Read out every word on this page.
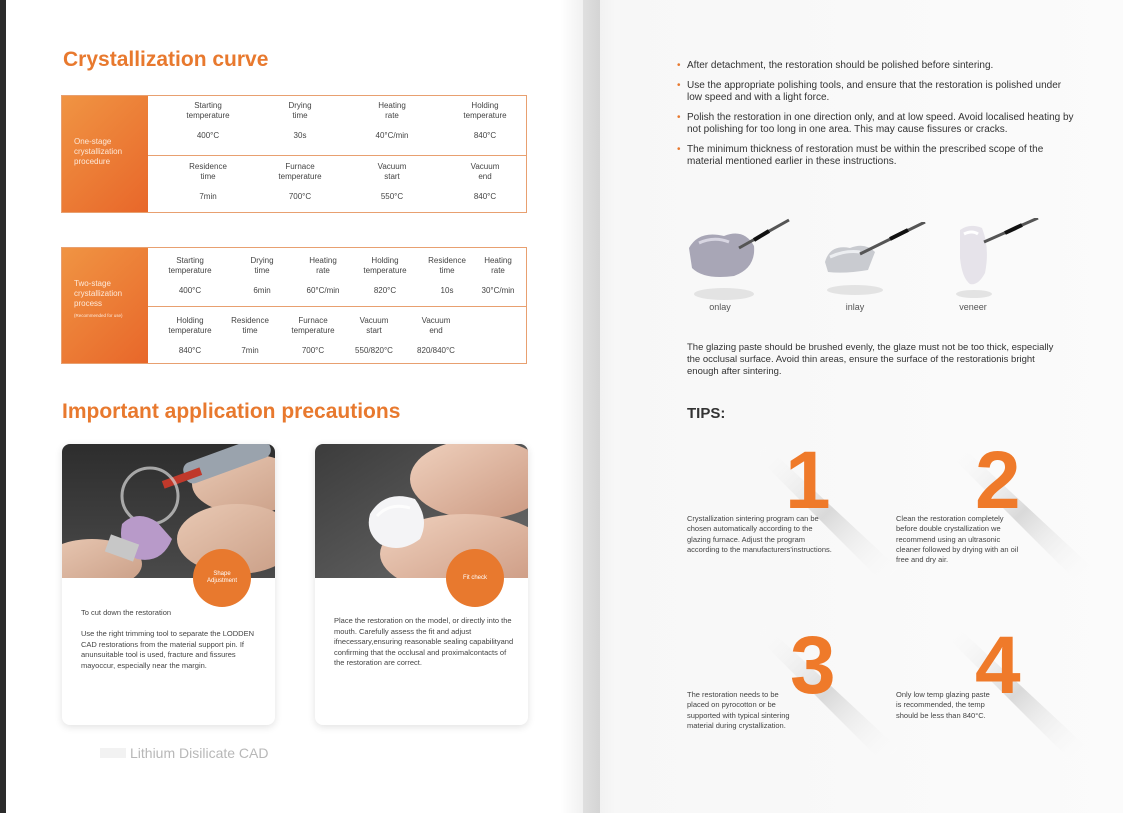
Crystallization curve
One-stage
crystallization
procedure
Starting
temperature
400°C
Drying
time
30s
Heating
rate
40°C/min
Holding
temperature
840°C
Residence
time
7min
Furnace
temperature
700°C
Vacuum
start
550°C
Vacuum
end
840°C
Two-stage
crystallization
process
(Recommended for use)
Starting
temperature
400°C
Drying
time
6min
Heating
rate
60°C/min
Holding
temperature
820°C
Residence
time
10s
Heating
rate
30°C/min
Holding
temperature
840°C
Residence
time
7min
Furnace
temperature
700°C
Vacuum
start
550/820°C
Vacuum
end
820/840°C
Important application precautions
Shape
Adjustment
To cut down the restoration
Use the right trimming tool to separate the LODDEN CAD restorations from the material support pin. If anunsuitable tool is used, fracture and fissures mayoccur, especially near the margin.
Fit check
Place the restoration on the model, or directly into the mouth. Carefully assess the fit and adjust ifnecessary,ensuring reasonable sealing capabilityand confirming that the occlusal and proximalcontacts of the restoration are correct.
Lithium Disilicate CAD
• After detachment, the restoration should be polished before sintering.
• Use the appropriate polishing tools, and ensure that the restoration is polished under low speed and with a light force.
• Polish the restoration in one direction only, and at low speed. Avoid localised heating by not polishing for too long in one area. This may cause fissures or cracks.
• The minimum thickness of restoration must be within the prescribed scope of the material mentioned earlier in these instructions.
onlay	inlay	veneer
The glazing paste should be brushed evenly, the glaze must not be too thick, especially the occlusal surface. Avoid thin areas, ensure the surface of the restorationis bright enough after sintering.
TIPS:
1 2
3 4
Crystallization sintering program can be chosen automatically according to the glazing furnace. Adjust the program according to the manufacturers'instructions.
Clean the restoration completely before double crystallization we recommend using an ultrasonic cleaner followed by drying with an oil free and dry air.
The restoration needs to be placed on pyrocotton or be supported with typical sintering material during crystallization.
Only low temp glazing paste is recommended, the temp should be less than 840°C.
